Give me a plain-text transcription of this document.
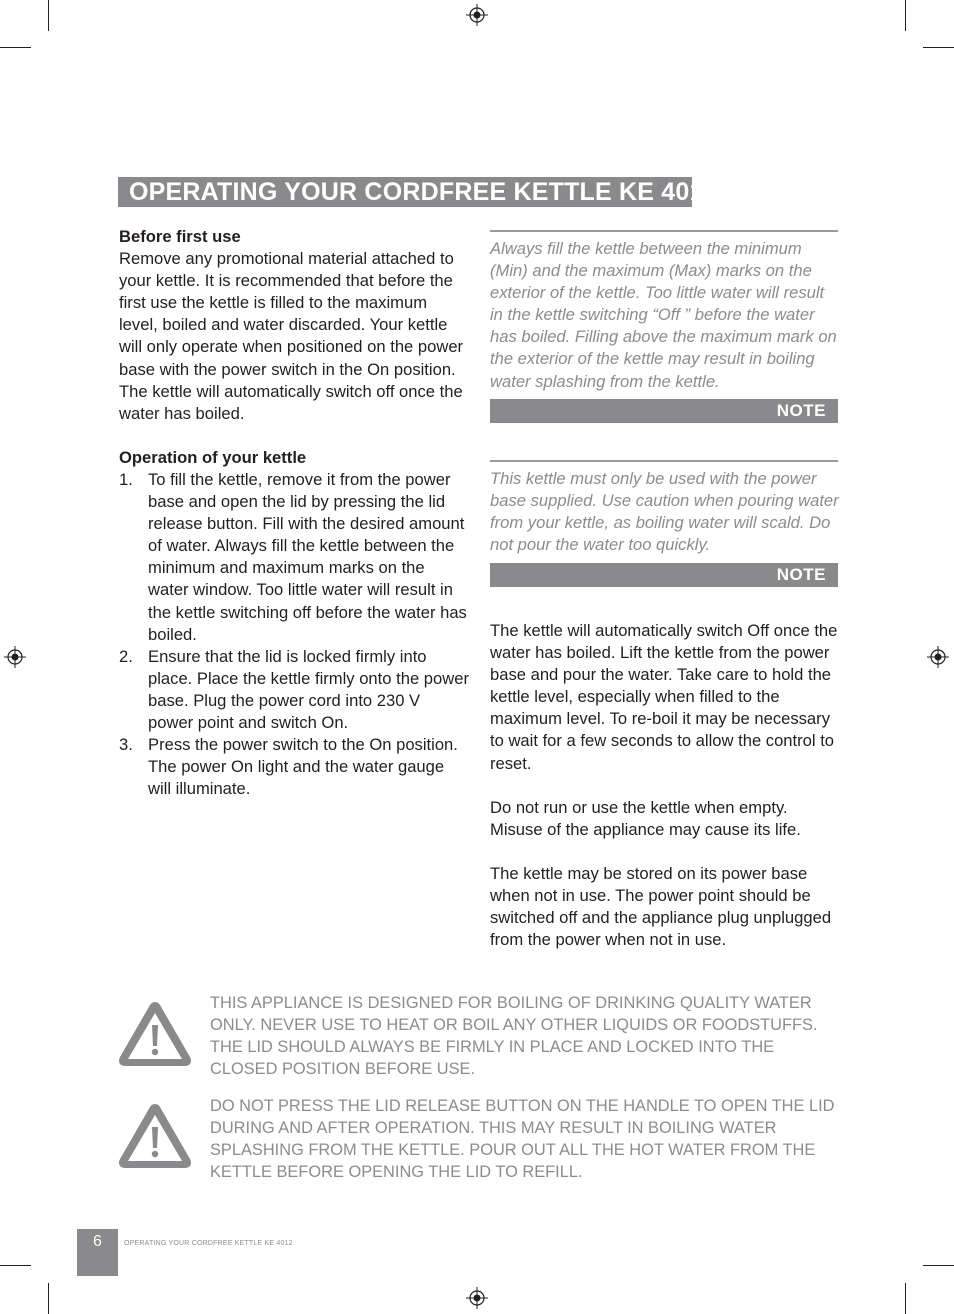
OPERATING YOUR CORDFREE KETTLE KE 4012
Before first use

Remove any promotional material attached to your kettle. It is recommended that before the first use the kettle is filled to the maximum level, boiled and water discarded. Your kettle will only operate when positioned on the power base with the power switch in the On position. The kettle will automatically switch off once the water has boiled.

Operation of your kettle
1. To fill the kettle, remove it from the power base and open the lid by pressing the lid release button. Fill with the desired amount of water. Always fill the kettle between the minimum and maximum marks on the water window. Too little water will result in the kettle switching off before the water has boiled.
2. Ensure that the lid is locked firmly into place. Place the kettle firmly onto the power base. Plug the power cord into 230 V power point and switch On.
3. Press the power switch to the On position. The power On light and the water gauge will illuminate.
Always fill the kettle between the minimum (Min) and the maximum (Max) marks on the exterior of the kettle. Too little water will result in the kettle switching “Off ” before the water has boiled. Filling above the maximum mark on the exterior of the kettle may result in boiling water splashing from the kettle.
NOTE
This kettle must only be used with the power base supplied. Use caution when pouring water from your kettle, as boiling water will scald. Do not pour the water too quickly.
NOTE
The kettle will automatically switch Off once the water has boiled. Lift the kettle from the power base and pour the water. Take care to hold the kettle level, especially when filled to the maximum level. To re-boil it may be necessary to wait for a few seconds to allow the control to reset.
Do not run or use the kettle when empty. Misuse of the appliance may cause its life.
The kettle may be stored on its power base when not in use. The power point should be switched off and the appliance plug unplugged from the power when not in use.
THIS APPLIANCE IS DESIGNED FOR BOILING OF DRINKING QUALITY WATER ONLY. NEVER USE TO HEAT OR BOIL ANY OTHER LIQUIDS OR FOODSTUFFS. THE LID SHOULD ALWAYS BE FIRMLY IN PLACE AND LOCKED INTO THE CLOSED POSITION BEFORE USE.
DO NOT PRESS THE LID RELEASE BUTTON ON THE HANDLE TO OPEN THE LID DURING AND AFTER OPERATION. THIS MAY RESULT IN BOILING WATER SPLASHING FROM THE KETTLE. POUR OUT ALL THE HOT WATER FROM THE KETTLE BEFORE OPENING THE LID TO REFILL.
6	OPERATING YOUR CORDFREE KETTLE KE 4012
